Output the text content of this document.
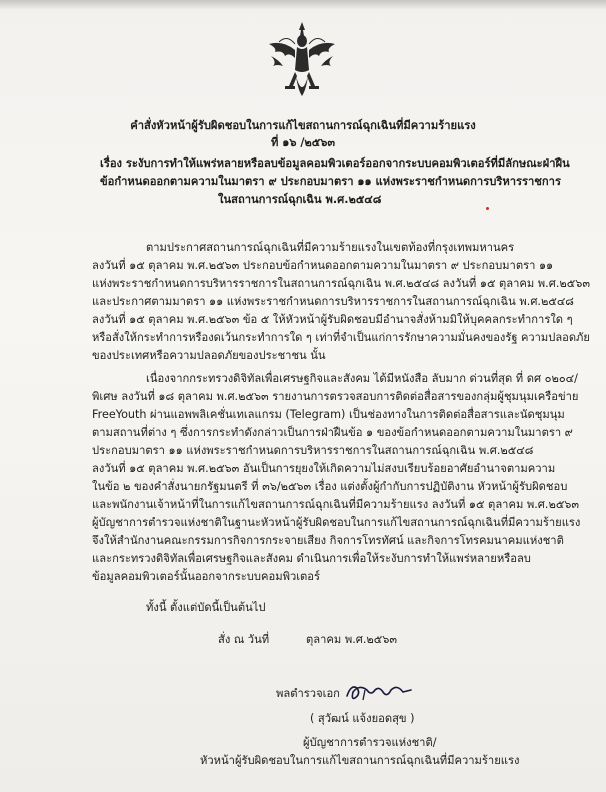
คำสั่งหัวหน้าผู้รับผิดชอบในการแก้ไขสถานการณ์ฉุกเฉินที่มีความร้ายแรง
ที่ ๑๖ /๒๕๖๓
เรื่อง ระงับการทำให้แพร่หลายหรือลบข้อมูลคอมพิวเตอร์ออกจากระบบคอมพิวเตอร์ที่มีลักษณะฝ่าฝืน
ข้อกำหนดออกตามความในมาตรา ๙ ประกอบมาตรา ๑๑ แห่งพระราชกำหนดการบริหารราชการ
ในสถานการณ์ฉุกเฉิน พ.ศ.๒๕๔๘
ตามประกาศสถานการณ์ฉุกเฉินที่มีความร้ายแรงในเขตท้องที่กรุงเทพมหานคร
ลงวันที่ ๑๕ ตุลาคม พ.ศ.๒๕๖๓ ประกอบข้อกำหนดออกตามความในมาตรา ๙ ประกอบมาตรา ๑๑
แห่งพระราชกำหนดการบริหารราชการในสถานการณ์ฉุกเฉิน พ.ศ.๒๕๔๘ ลงวันที่ ๑๕ ตุลาคม พ.ศ.๒๕๖๓
และประกาศตามมาตรา ๑๑ แห่งพระราชกำหนดการบริหารราชการในสถานการณ์ฉุกเฉิน พ.ศ.๒๕๔๘
ลงวันที่ ๑๕ ตุลาคม พ.ศ.๒๕๖๓ ข้อ ๕ ให้หัวหน้าผู้รับผิดชอบมีอำนาจสั่งห้ามมิให้บุคคลกระทำการใด ๆ
หรือสั่งให้กระทำการหรืองดเว้นกระทำการใด ๆ เท่าที่จำเป็นแก่การรักษาความมั่นคงของรัฐ ความปลอดภัย
ของประเทศหรือความปลอดภัยของประชาชน นั้น
เนื่องจากกระทรวงดิจิทัลเพื่อเศรษฐกิจและสังคม ได้มีหนังสือ ลับมาก ด่วนที่สุด ที่ ดศ ๐๒๐๔/
พิเศษ ลงวันที่ ๑๘ ตุลาคม พ.ศ.๒๕๖๓ รายงานการตรวจสอบการติดต่อสื่อสารของกลุ่มผู้ชุมนุมเครือข่าย
FreeYouth ผ่านแอพพลิเคชั่นเทเลแกรม (Telegram) เป็นช่องทางในการติดต่อสื่อสารและนัดชุมนุม
ตามสถานที่ต่าง ๆ ซึ่งการกระทำดังกล่าวเป็นการฝ่าฝืนข้อ ๑ ของข้อกำหนดออกตามความในมาตรา ๙
ประกอบมาตรา ๑๑ แห่งพระราชกำหนดการบริหารราชการในสถานการณ์ฉุกเฉิน พ.ศ.๒๕๔๘
ลงวันที่ ๑๕ ตุลาคม พ.ศ.๒๕๖๓ อันเป็นการยุยงให้เกิดความไม่สงบเรียบร้อยอาศัยอำนาจตามความ
ในข้อ ๒ ของคำสั่งนายกรัฐมนตรี ที่ ๓๖/๒๕๖๓ เรื่อง แต่งตั้งผู้กำกับการปฏิบัติงาน หัวหน้าผู้รับผิดชอบ
และพนักงานเจ้าหน้าที่ในการแก้ไขสถานการณ์ฉุกเฉินที่มีความร้ายแรง ลงวันที่ ๑๕ ตุลาคม พ.ศ.๒๕๖๓
ผู้บัญชาการตำรวจแห่งชาติในฐานะหัวหน้าผู้รับผิดชอบในการแก้ไขสถานการณ์ฉุกเฉินที่มีความร้ายแรง
จึงให้สำนักงานคณะกรรมการกิจการกระจายเสียง กิจการโทรทัศน์ และกิจการโทรคมนาคมแห่งชาติ
และกระทรวงดิจิทัลเพื่อเศรษฐกิจและสังคม ดำเนินการเพื่อให้ระงับการทำให้แพร่หลายหรือลบ
ข้อมูลคอมพิวเตอร์นั้นออกจากระบบคอมพิวเตอร์
ทั้งนี้ ตั้งแต่บัดนี้เป็นต้นไป
สั่ง ณ วันที่	ตุลาคม พ.ศ.๒๕๖๓
พลตำรวจเอก
( สุวัฒน์ แจ้งยอดสุข )
ผู้บัญชาการตำรวจแห่งชาติ/
หัวหน้าผู้รับผิดชอบในการแก้ไขสถานการณ์ฉุกเฉินที่มีความร้ายแรง
